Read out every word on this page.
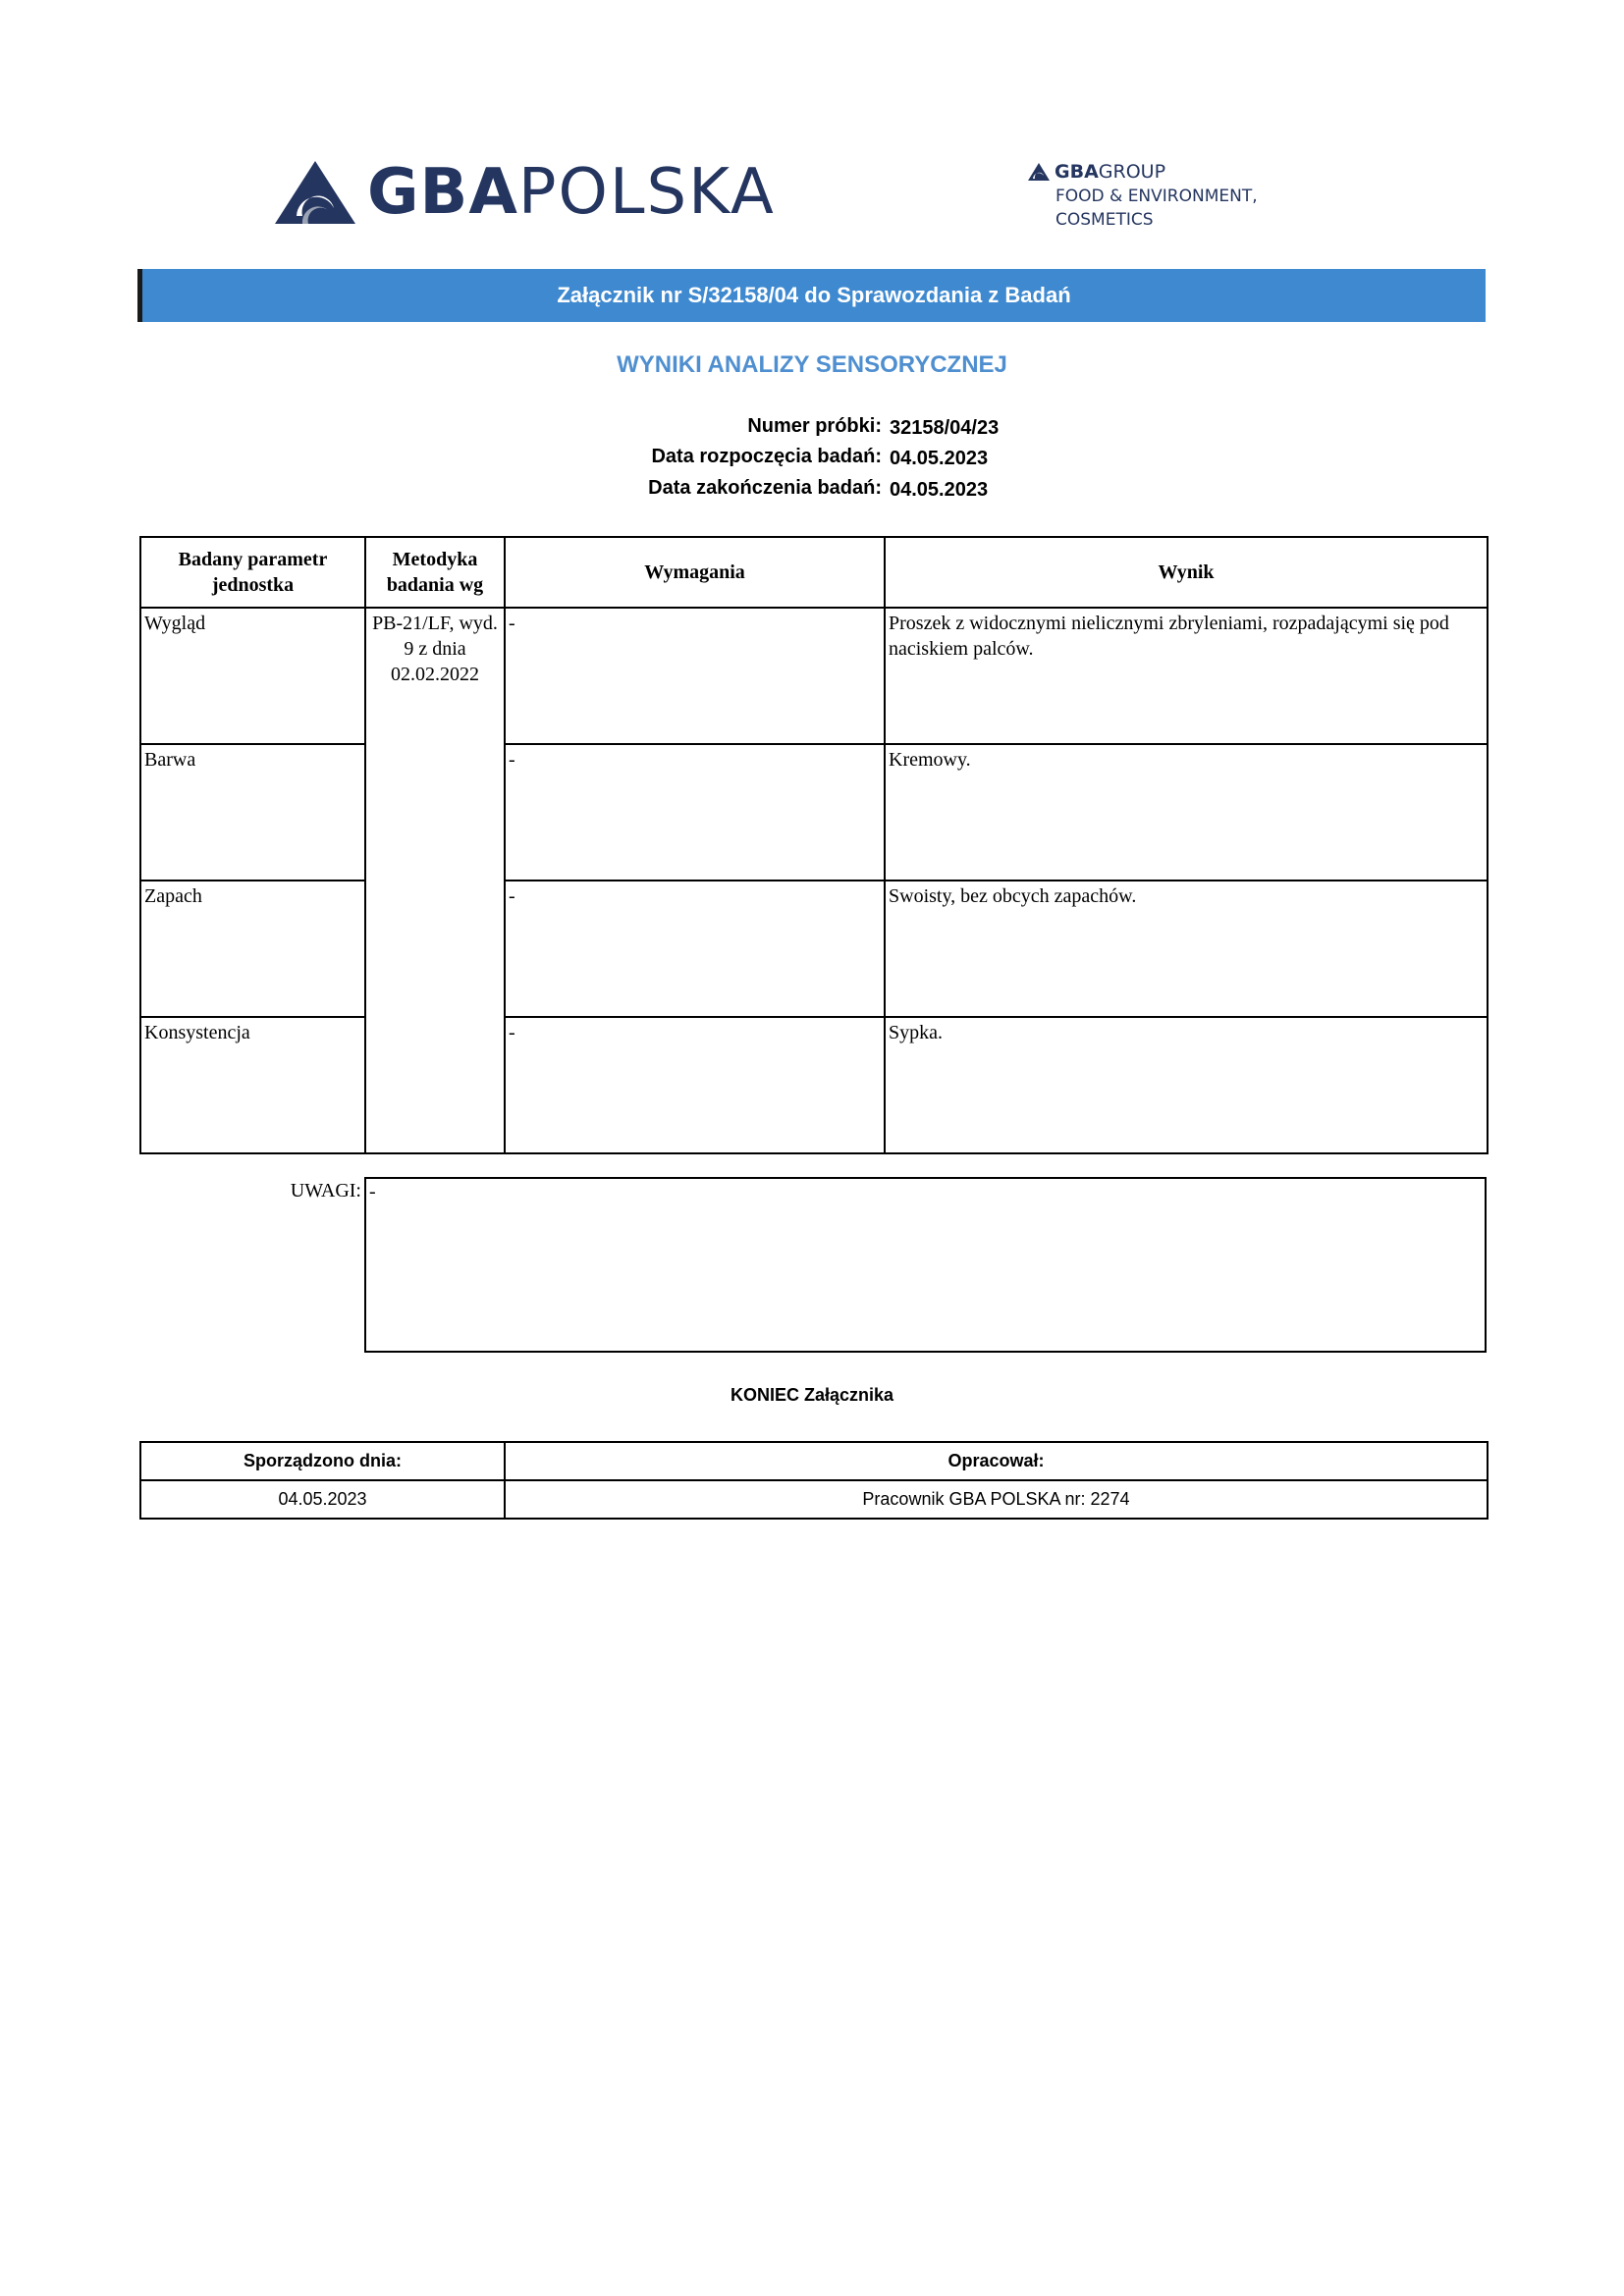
GBA POLSKA	GBA GROUP
FOOD & ENVIRONMENT,
COSMETICS
Załącznik nr S/32158/04 do Sprawozdania z Badań
WYNIKI ANALIZY SENSORYCZNEJ
Numer próbki: 32158/04/23
Data rozpoczęcia badań: 04.05.2023
Data zakończenia badań: 04.05.2023
Badany parametr jednostka	Metodyka badania wg	Wymagania	Wynik
Wygląd	PB-21/LF, wyd. 9 z dnia 02.02.2022	-	Proszek z widocznymi nielicznymi zbryleniami, rozpadającymi się pod naciskiem palców.
Barwa		-	Kremowy.
Zapach		-	Swoisty, bez obcych zapachów.
Konsystencja		-	Sypka.
UWAGI: -
KONIEC Załącznika
Sporządzono dnia:	Opracował:
04.05.2023	Pracownik GBA POLSKA nr: 2274
